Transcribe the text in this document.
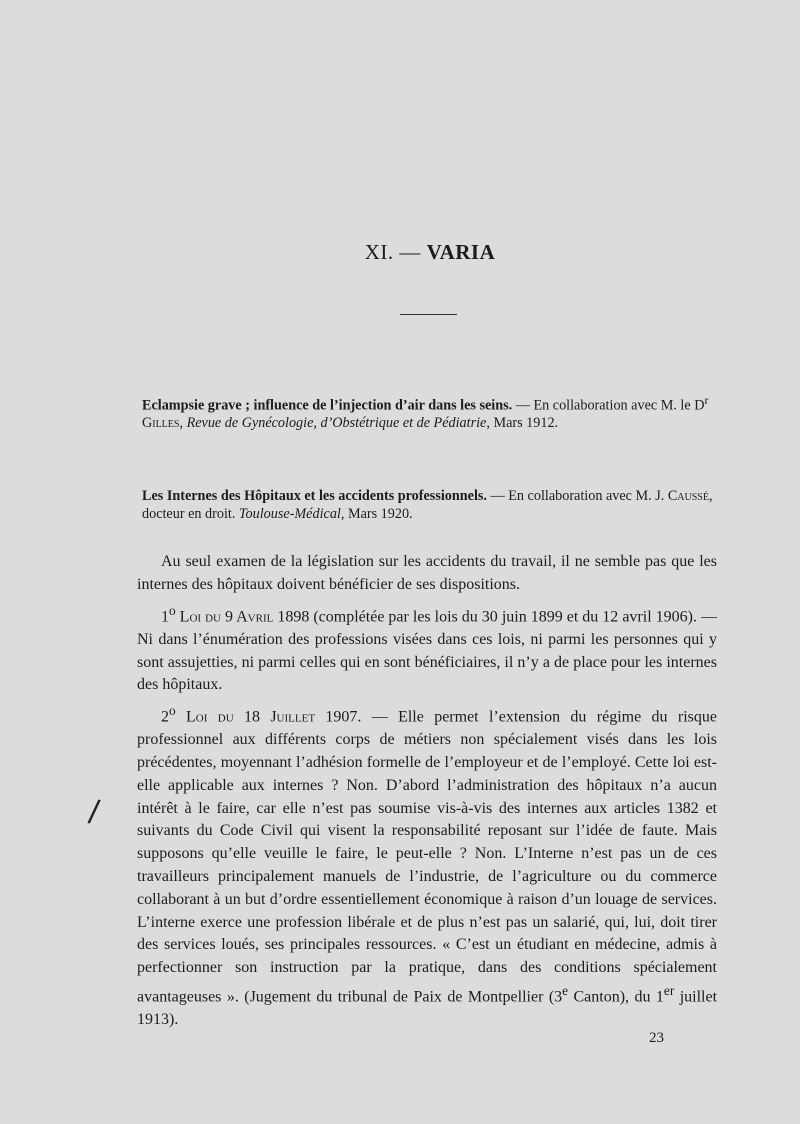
XI. — VARIA

Eclampsie grave ; influence de l’injection d’air dans les seins. — En collaboration avec M. le $D^r$ Gilles, Revue de Gynécologie, d’Obstétrique et de Pédiatrie, Mars 1912.

Les Internes des Hôpitaux et les accidents professionnels. — En collaboration avec M. J. Caussé, docteur en droit. Toulouse-Médical, Mars 1920.

Au seul examen de la législation sur les accidents du travail, il ne semble pas que les internes des hôpitaux doivent bénéficier de ses dispositions.

1$^o$ Loi du 9 Avril 1898 (complétée par les lois du 30 juin 1899 et du 12 avril 1906). — Ni dans l’énumération des professions visées dans ces lois, ni parmi les personnes qui y sont assujetties, ni parmi celles qui en sont bénéficiaires, il n’y a de place pour les internes des hôpitaux.

2$^o$ Loi du 18 Juillet 1907. — Elle permet l’extension du régime du risque professionnel aux différents corps de métiers non spécialement visés dans les lois précédentes, moyennant l’adhésion formelle de l’employeur et de l’employé. Cette loi est-elle applicable aux internes ? Non. D’abord l’administration des hôpitaux n’a aucun intérêt à le faire, car elle n’est pas soumise vis-à-vis des internes aux articles 1382 et suivants du Code Civil qui visent la responsabilité reposant sur l’idée de faute. Mais supposons qu’elle veuille le faire, le peut-elle ? Non. L’Interne n’est pas un de ces travailleurs principalement manuels de l’industrie, de l’agriculture ou du commerce collaborant à un but d’ordre essentiellement économique à raison d’un louage de services. L’interne exerce une profession libérale et de plus n’est pas un salarié, qui, lui, doit tirer des services loués, ses principales ressources. « C’est un étudiant en médecine, admis à perfectionner son instruction par la pratique, dans des conditions spécialement avantageuses ». (Jugement du tribunal de Paix de Montpellier (3e Canton), du 1er juillet 1913).

/

23
